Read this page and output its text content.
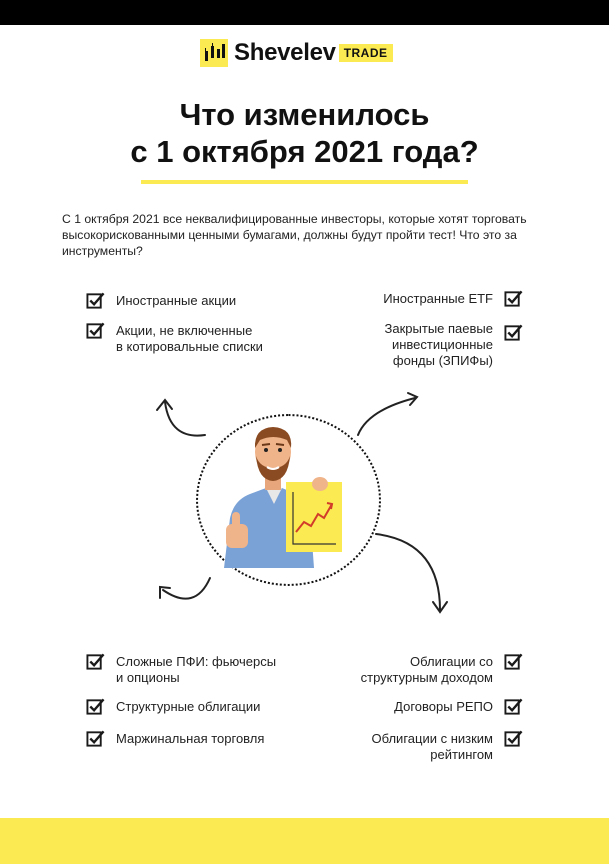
Shevelev TRADE
Что изменилось
с 1 октября 2021 года?
С 1 октября 2021 все неквалифицированные инвесторы, которые хотят торговать высокорискованными ценными бумагами, должны будут пройти тест! Что это за инструменты?
Иностранные акции
Акции, не включенные
в котировальные списки
Иностранные ETF
Закрытые паевые
инвестиционные
фонды (ЗПИФы)
Сложные ПФИ: фьючерсы
и опционы
Структурные облигации
Маржинальная торговля
Облигации со
структурным доходом
Договоры РЕПО
Облигации с низким
рейтингом
